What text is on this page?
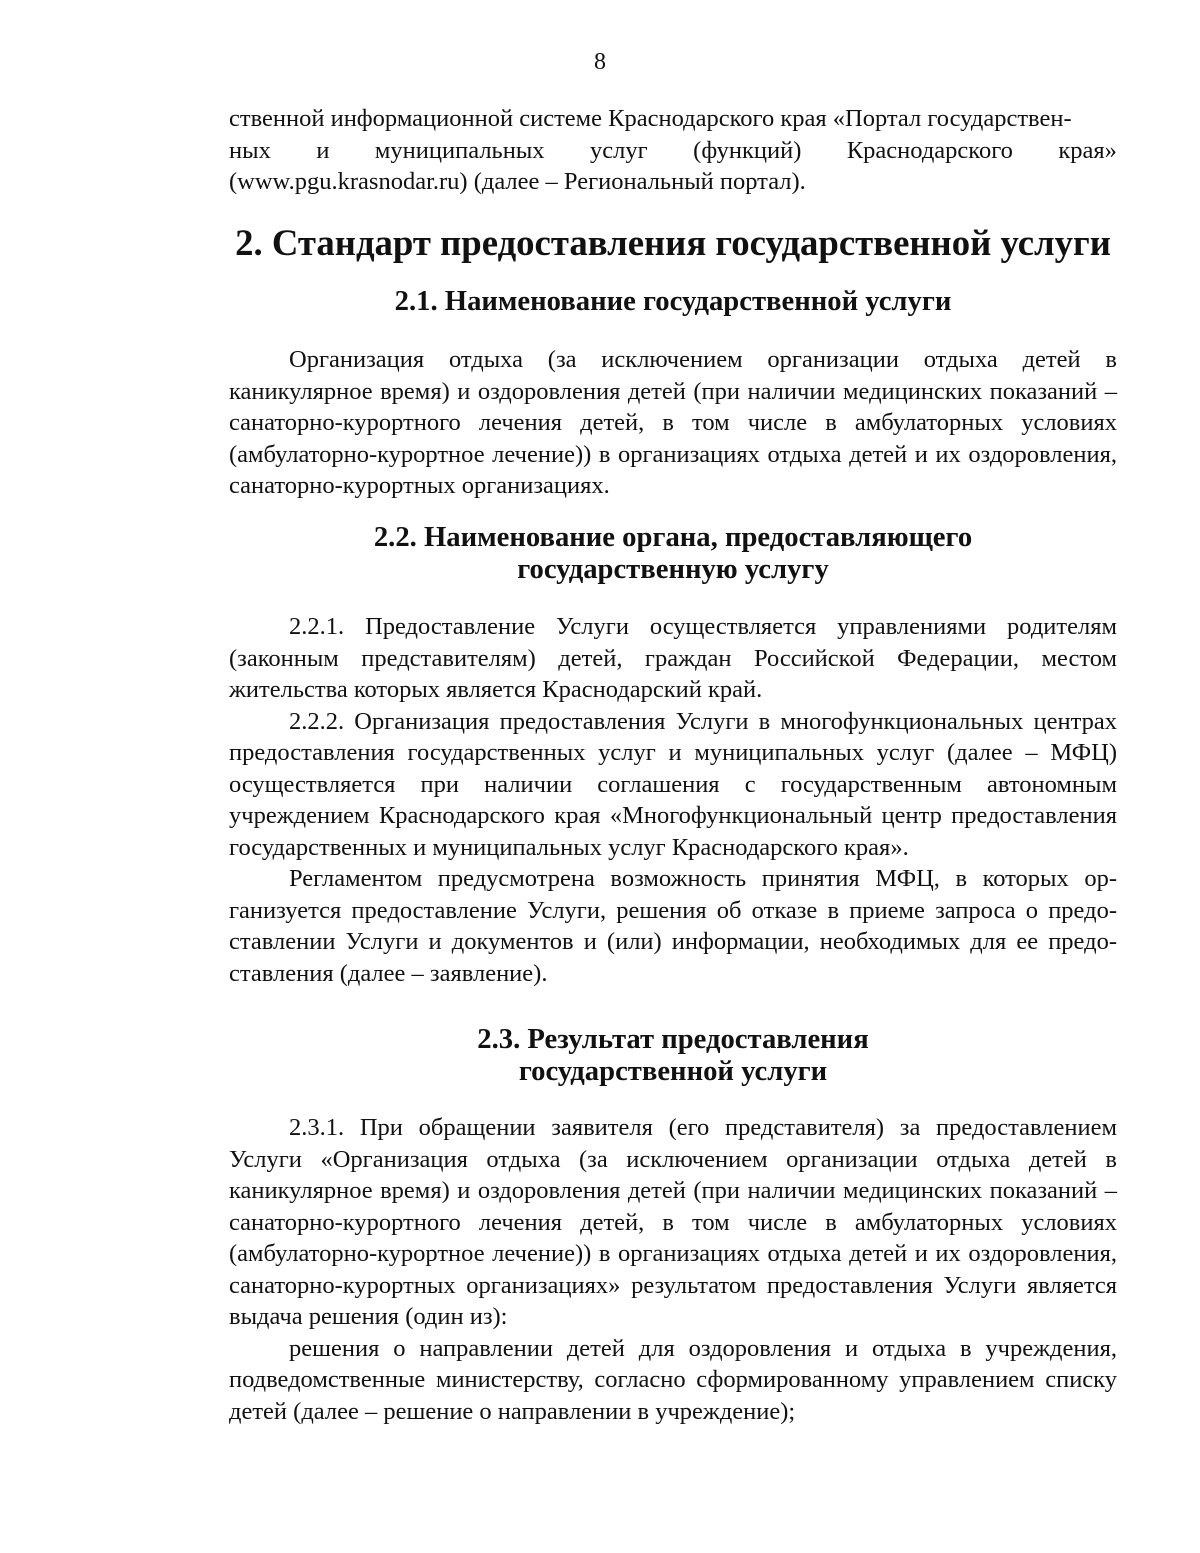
8
ственной информационной системе Краснодарского края «Портал государствен-
ных и муниципальных услуг (функций) Краснодарского края»
(www.pgu.krasnodar.ru) (далее – Региональный портал).
2. Стандарт предоставления государственной услуги
2.1. Наименование государственной услуги

Организация отдыха (за исключением организации отдыха детей в каникулярное время) и оздоровления детей (при наличии медицинских показаний – санаторно-курортного лечения детей, в том числе в амбулаторных условиях (амбулаторно-курортное лечение)) в организациях отдыха детей и их оздоровления, санаторно-курортных организациях.

2.2. Наименование органа, предоставляющего
государственную услугу

2.2.1. Предоставление Услуги осуществляется управлениями родителям (законным представителям) детей, граждан Российской Федерации, местом жительства которых является Краснодарский край.

2.2.2. Организация предоставления Услуги в многофункциональных центрах предоставления государственных услуг и муниципальных услуг (далее – МФЦ) осуществляется при наличии соглашения с государственным автономным учреждением Краснодарского края «Многофункциональный центр предоставления государственных и муниципальных услуг Краснодарского края».

Регламентом предусмотрена возможность принятия МФЦ, в которых организуется предоставление Услуги, решения об отказе в приеме запроса о предоставлении Услуги и документов и (или) информации, необходимых для ее предоставления (далее – заявление).

2.3. Результат предоставления
государственной услуги

2.3.1. При обращении заявителя (его представителя) за предоставлением Услуги «Организация отдыха (за исключением организации отдыха детей в каникулярное время) и оздоровления детей (при наличии медицинских показаний – санаторно-курортного лечения детей, в том числе в амбулаторных условиях (амбулаторно-курортное лечение)) в организациях отдыха детей и их оздоровления, санаторно-курортных организациях» результатом предоставления Услуги является выдача решения (один из):

решения о направлении детей для оздоровления и отдыха в учреждения, подведомственные министерству, согласно сформированному управлением списку детей (далее – решение о направлении в учреждение);
